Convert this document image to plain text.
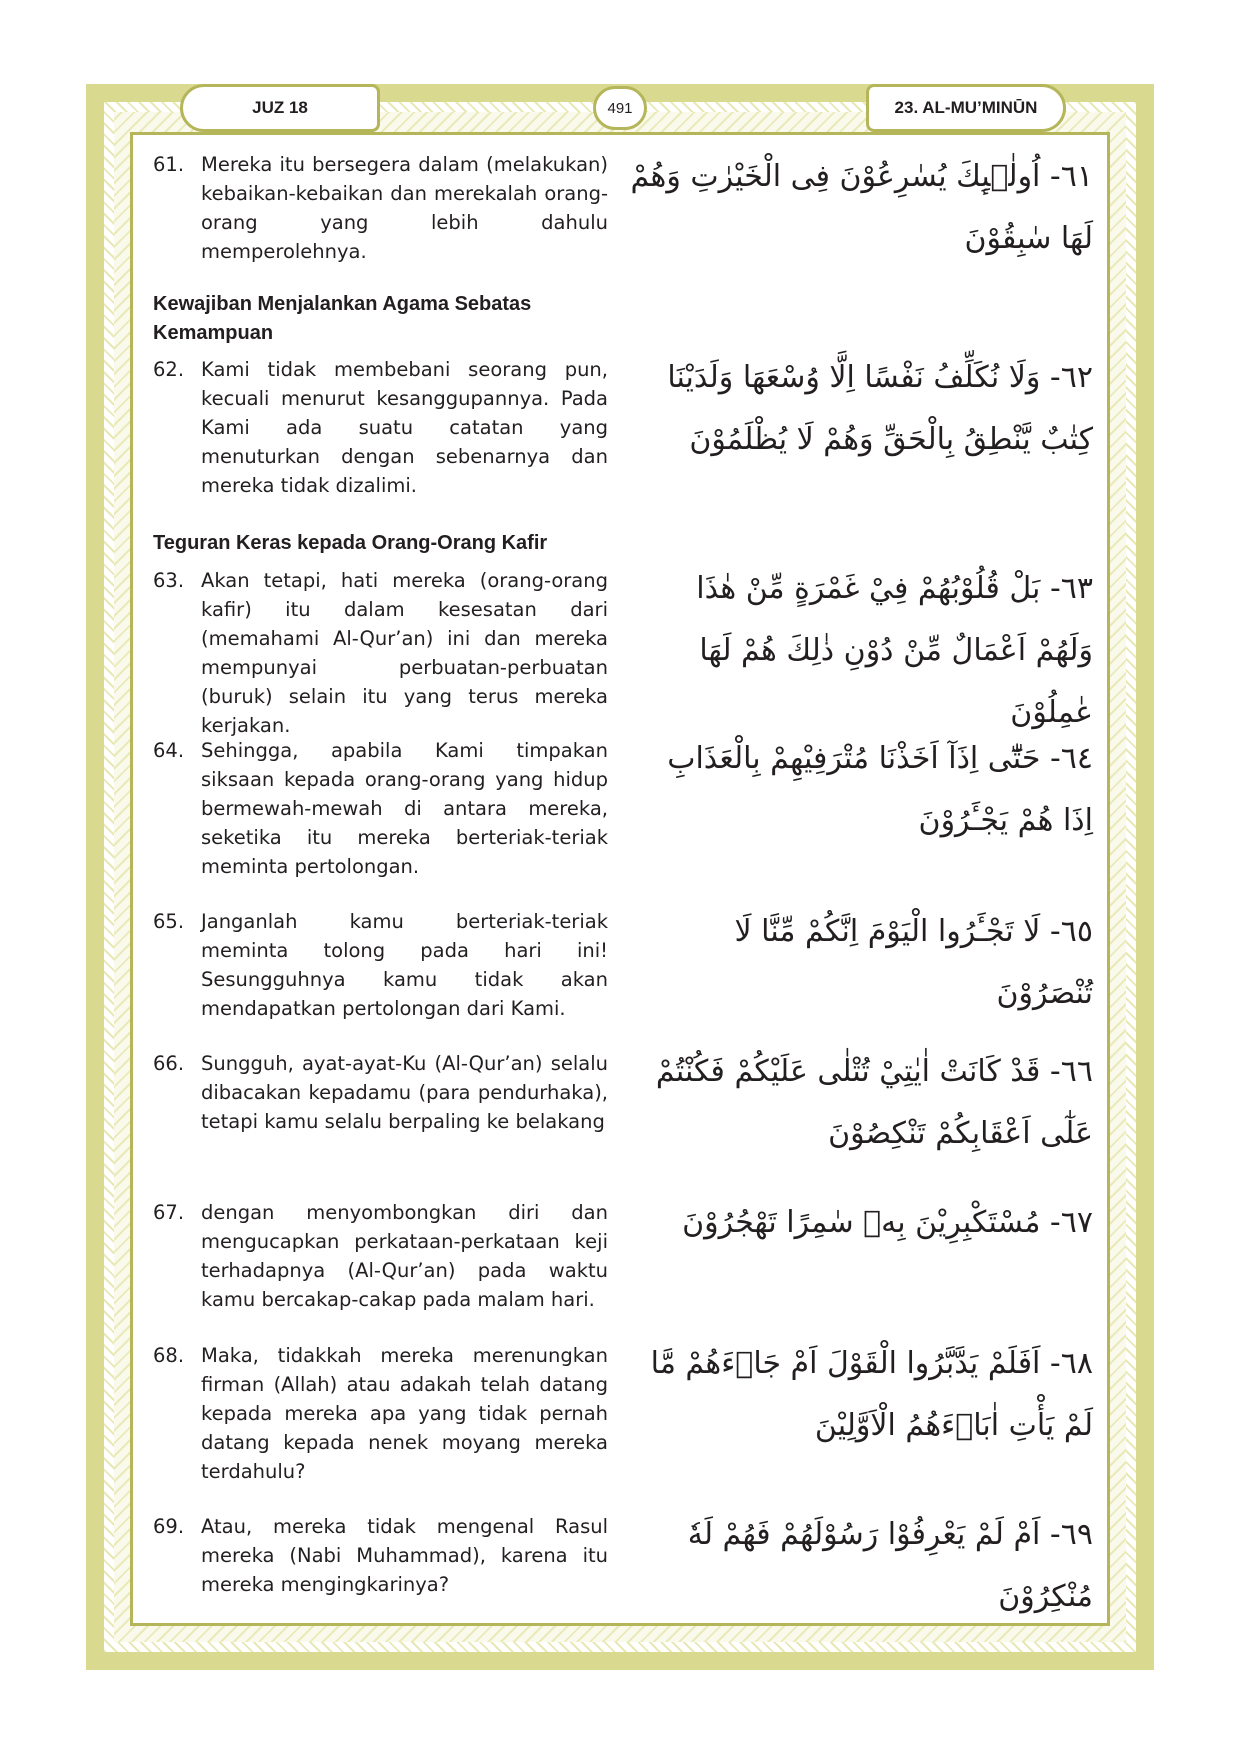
JUZ 18	491	23. AL-MU’MINŪN
61. Mereka itu bersegera dalam (melakukan) kebaikan-kebaikan dan merekalah orang-orang yang lebih dahulu memperolehnya.
٦١- اُولٰۤىِٕكَ يُسٰرِعُوْنَ فِى الْخَيْرٰتِ وَهُمْ لَهَا سٰبِقُوْنَ
Kewajiban Menjalankan Agama Sebatas Kemampuan
62. Kami tidak membebani seorang pun, kecuali menurut kesanggupannya. Pada Kami ada suatu catatan yang menuturkan dengan sebenarnya dan mereka tidak dizalimi.
٦٢- وَلَا نُكَلِّفُ نَفْسًا اِلَّا وُسْعَهَا وَلَدَيْنَا كِتٰبٌ يَّنْطِقُ بِالْحَقِّ وَهُمْ لَا يُظْلَمُوْنَ
Teguran Keras kepada Orang-Orang Kafir
63. Akan tetapi, hati mereka (orang-orang kafir) itu dalam kesesatan dari (memahami Al-Qur’an) ini dan mereka mempunyai perbuatan-perbuatan (buruk) selain itu yang terus mereka kerjakan.
٦٣- بَلْ قُلُوْبُهُمْ فِيْ غَمْرَةٍ مِّنْ هٰذَا وَلَهُمْ اَعْمَالٌ مِّنْ دُوْنِ ذٰلِكَ هُمْ لَهَا عٰمِلُوْنَ
64. Sehingga, apabila Kami timpakan siksaan kepada orang-orang yang hidup bermewah-mewah di antara mereka, seketika itu mereka berteriak-teriak meminta pertolongan.
٦٤- حَتّٰٓى اِذَآ اَخَذْنَا مُتْرَفِيْهِمْ بِالْعَذَابِ اِذَا هُمْ يَجْـَٔرُوْنَ
65. Janganlah kamu berteriak-teriak meminta tolong pada hari ini! Sesungguhnya kamu tidak akan mendapatkan pertolongan dari Kami.
٦٥- لَا تَجْـَٔرُوا الْيَوْمَ اِنَّكُمْ مِّنَّا لَا تُنْصَرُوْنَ
66. Sungguh, ayat-ayat-Ku (Al-Qur’an) selalu dibacakan kepadamu (para pendurhaka), tetapi kamu selalu berpaling ke belakang
٦٦- قَدْ كَانَتْ اٰيٰتِيْ تُتْلٰى عَلَيْكُمْ فَكُنْتُمْ عَلٰٓى اَعْقَابِكُمْ تَنْكِصُوْنَ
67. dengan menyombongkan diri dan mengucapkan perkataan-perkataan keji terhadapnya (Al-Qur’an) pada waktu kamu bercakap-cakap pada malam hari.
٦٧- مُسْتَكْبِرِيْنَ بِهٖ سٰمِرًا تَهْجُرُوْنَ
68. Maka, tidakkah mereka merenungkan firman (Allah) atau adakah telah datang kepada mereka apa yang tidak pernah datang kepada nenek moyang mereka terdahulu?
٦٨- اَفَلَمْ يَدَّبَّرُوا الْقَوْلَ اَمْ جَاۤءَهُمْ مَّا لَمْ يَأْتِ اٰبَاۤءَهُمُ الْاَوَّلِيْنَ
69. Atau, mereka tidak mengenal Rasul mereka (Nabi Muhammad), karena itu mereka mengingkarinya?
٦٩- اَمْ لَمْ يَعْرِفُوْا رَسُوْلَهُمْ فَهُمْ لَهٗ مُنْكِرُوْنَ
